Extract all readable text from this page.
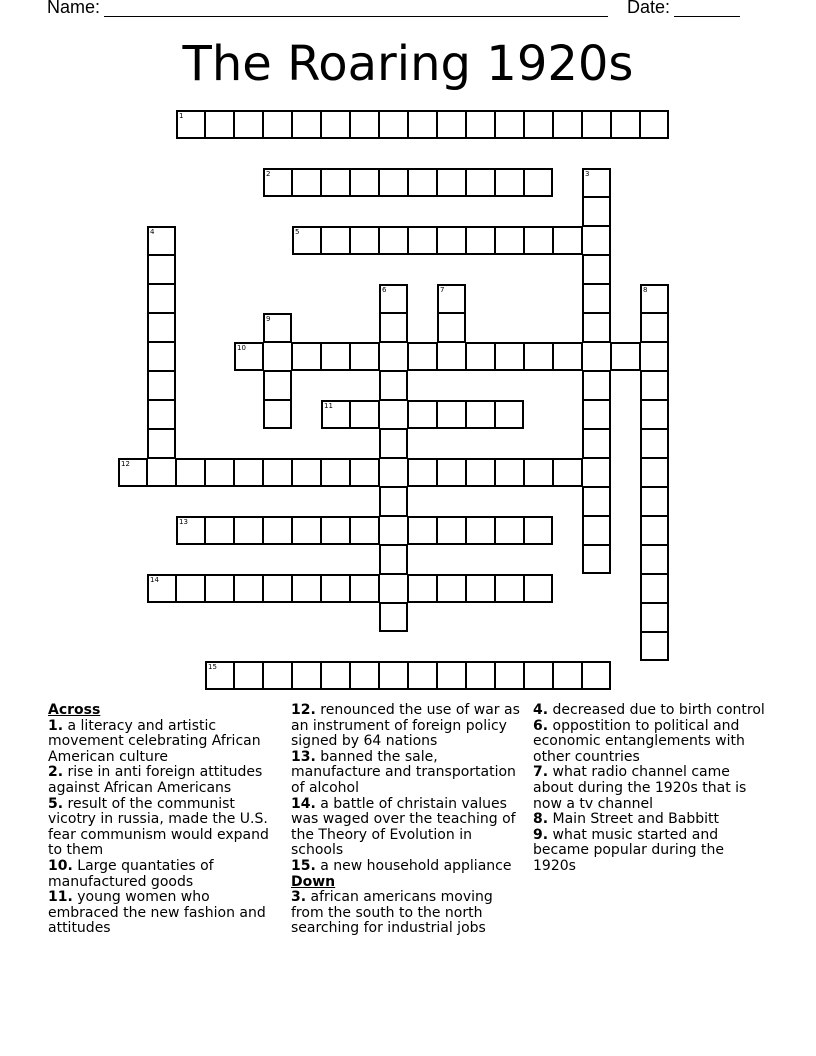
Name:	Date:
The Roaring 1920s
1
2	3
4	5
6	7	8
9
10
11
12
13
14
15
Across
1. a literacy and artistic movement celebrating African American culture
2. rise in anti foreign attitudes against African Americans
5. result of the communist vicotry in russia, made the U.S. fear communism would expand to them
10. Large quantaties of manufactured goods
11. young women who embraced the new fashion and attitudes
12. renounced the use of war as an instrument of foreign policy signed by 64 nations
13. banned the sale, manufacture and transportation of alcohol
14. a battle of christain values was waged over the teaching of the Theory of Evolution in schools
15. a new household appliance
Down
3. african americans moving from the south to the north searching for industrial jobs
4. decreased due to birth control
6. oppostition to political and economic entanglements with other countries
7. what radio channel came about during the 1920s that is now a tv channel
8. Main Street and Babbitt
9. what music started and became popular during the 1920s
